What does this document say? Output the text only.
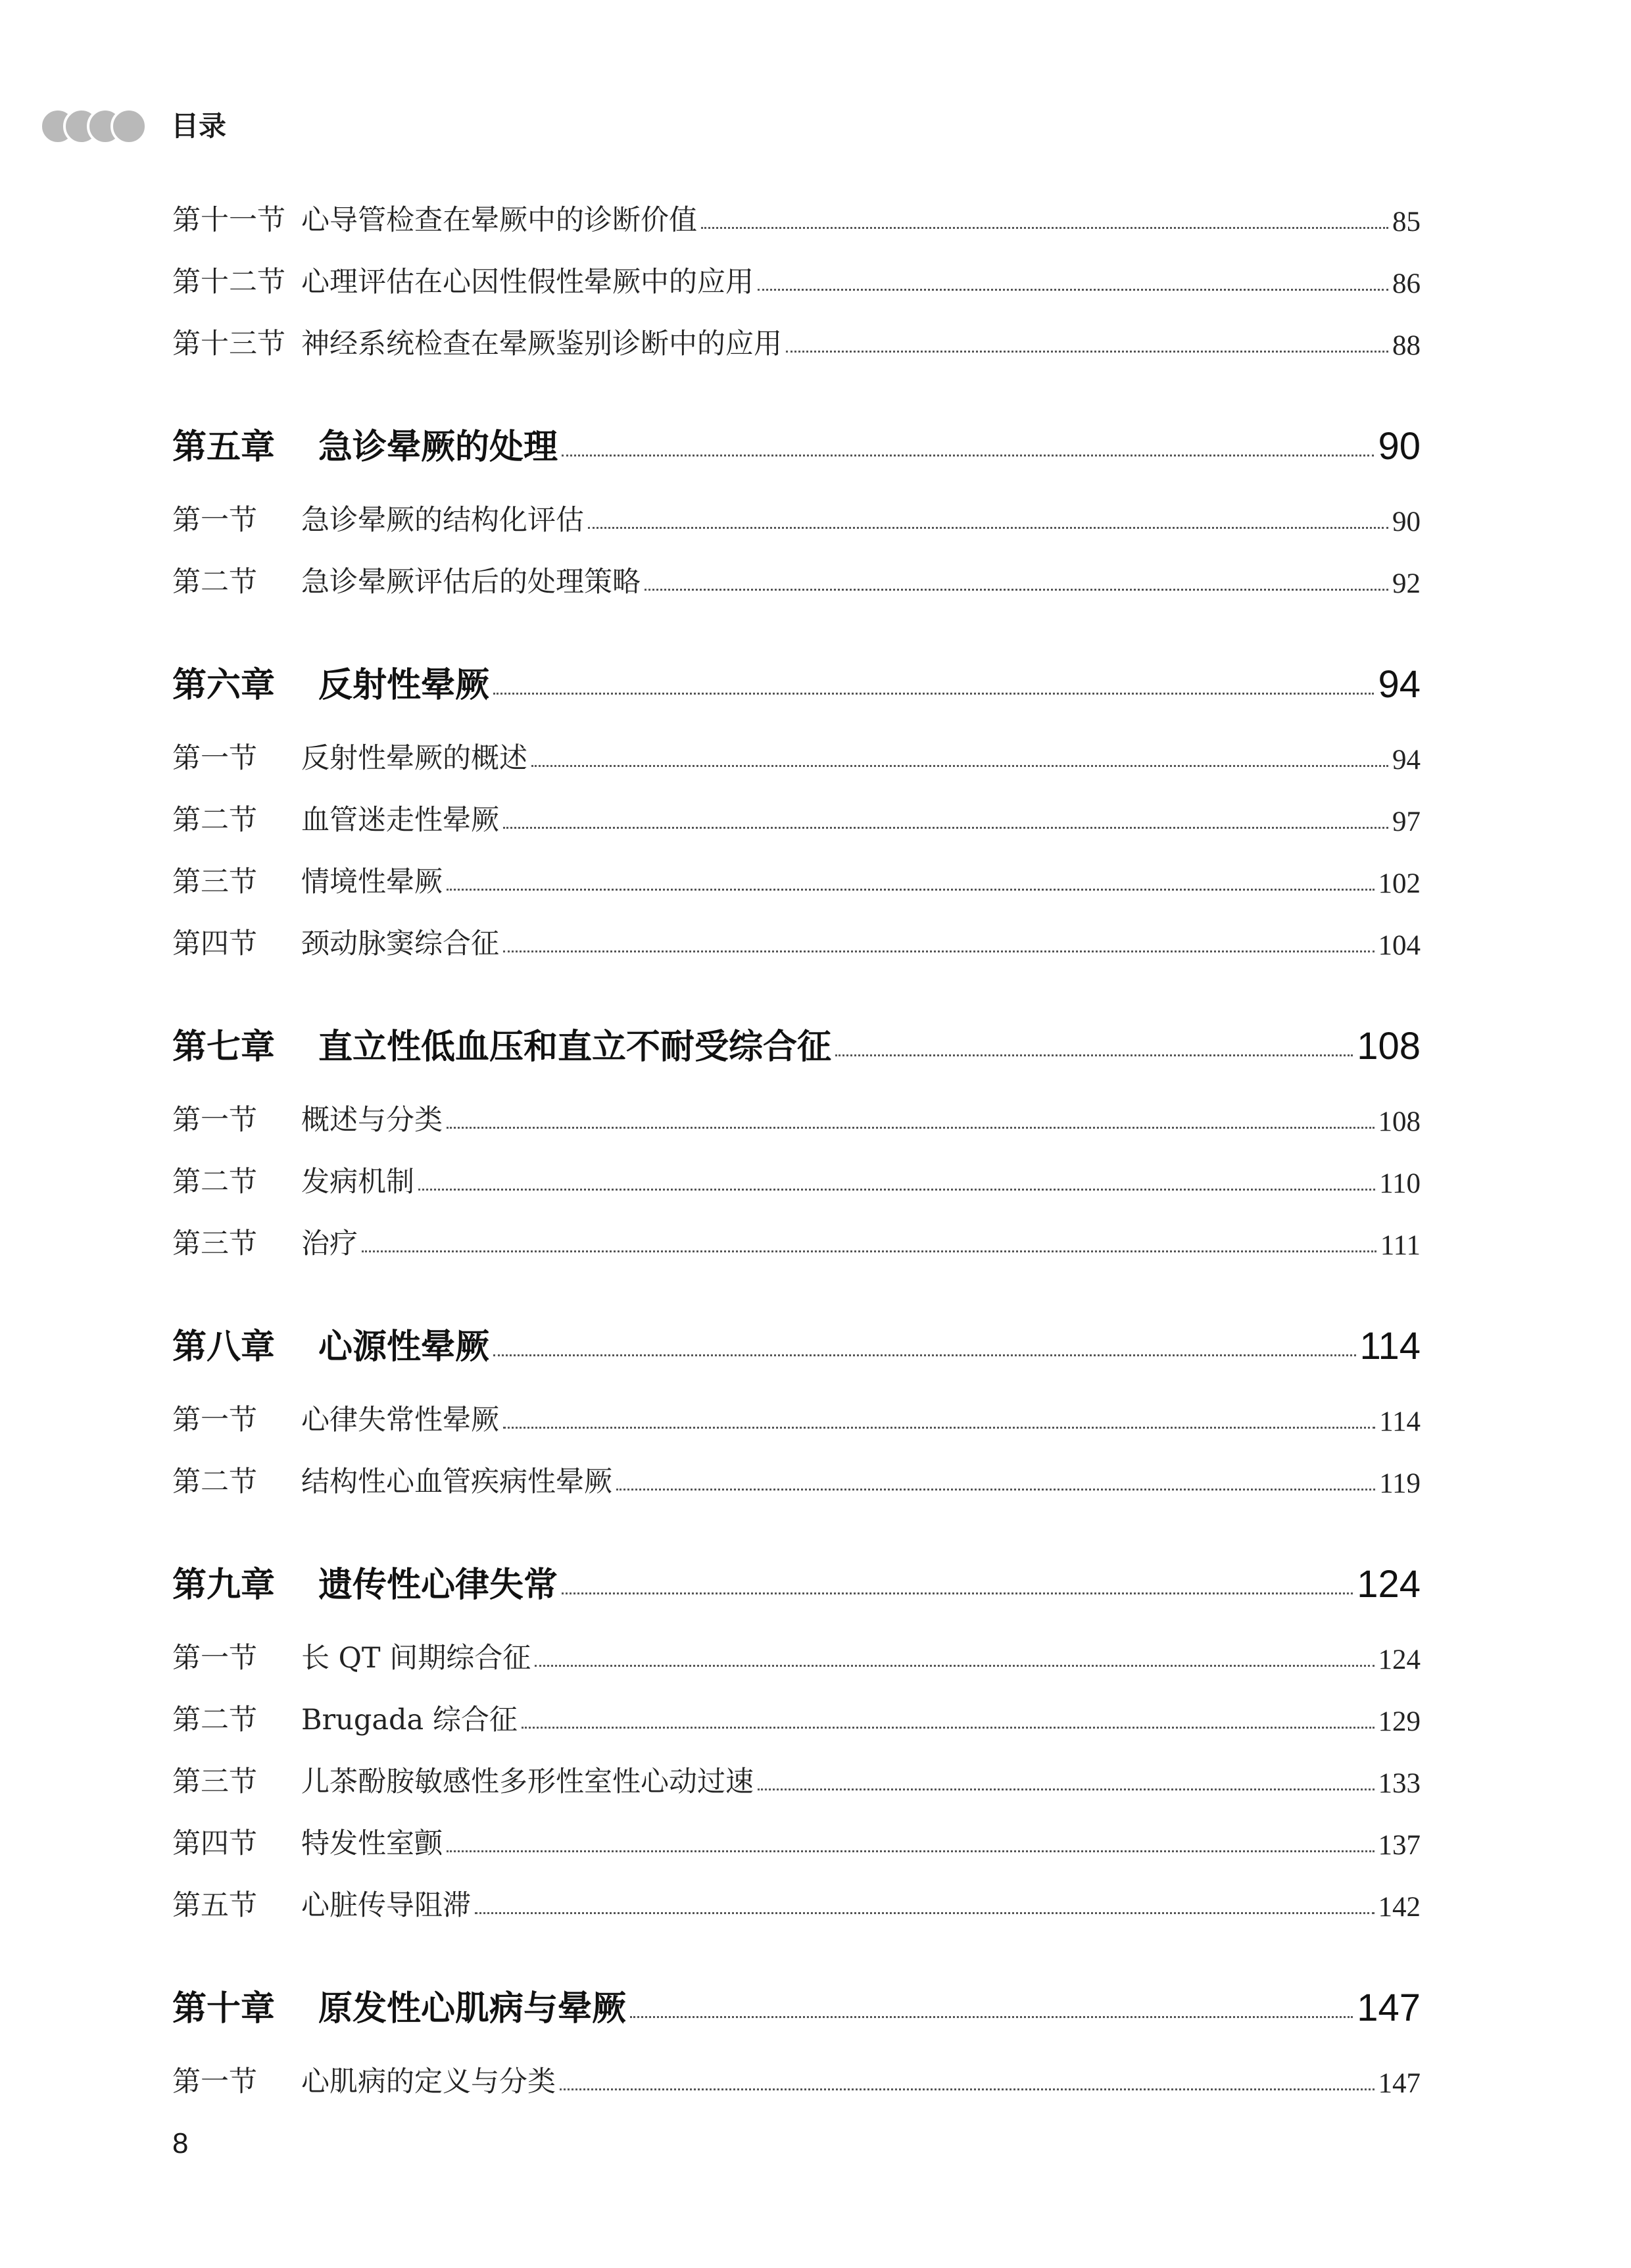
目录
第十一节 心导管检查在晕厥中的诊断价值	85
第十二节 心理评估在心因性假性晕厥中的应用	86
第十三节 神经系统检查在晕厥鉴别诊断中的应用	88
第五章	急诊晕厥的处理	90
第一节	急诊晕厥的结构化评估	90
第二节	急诊晕厥评估后的处理策略	92
第六章	反射性晕厥	94
第一节	反射性晕厥的概述	94
第二节	血管迷走性晕厥	97
第三节	情境性晕厥	102
第四节	颈动脉窦综合征	104
第七章	直立性低血压和直立不耐受综合征	108
第一节	概述与分类	108
第二节	发病机制	110
第三节	治疗	111
第八章	心源性晕厥	114
第一节	心律失常性晕厥	114
第二节	结构性心血管疾病性晕厥	119
第九章	遗传性心律失常	124
第一节	长 QT 间期综合征	124
第二节	Brugada 综合征	129
第三节	儿茶酚胺敏感性多形性室性心动过速	133
第四节	特发性室颤	137
第五节	心脏传导阻滞	142
第十章	原发性心肌病与晕厥	147
第一节	心肌病的定义与分类	147
8
